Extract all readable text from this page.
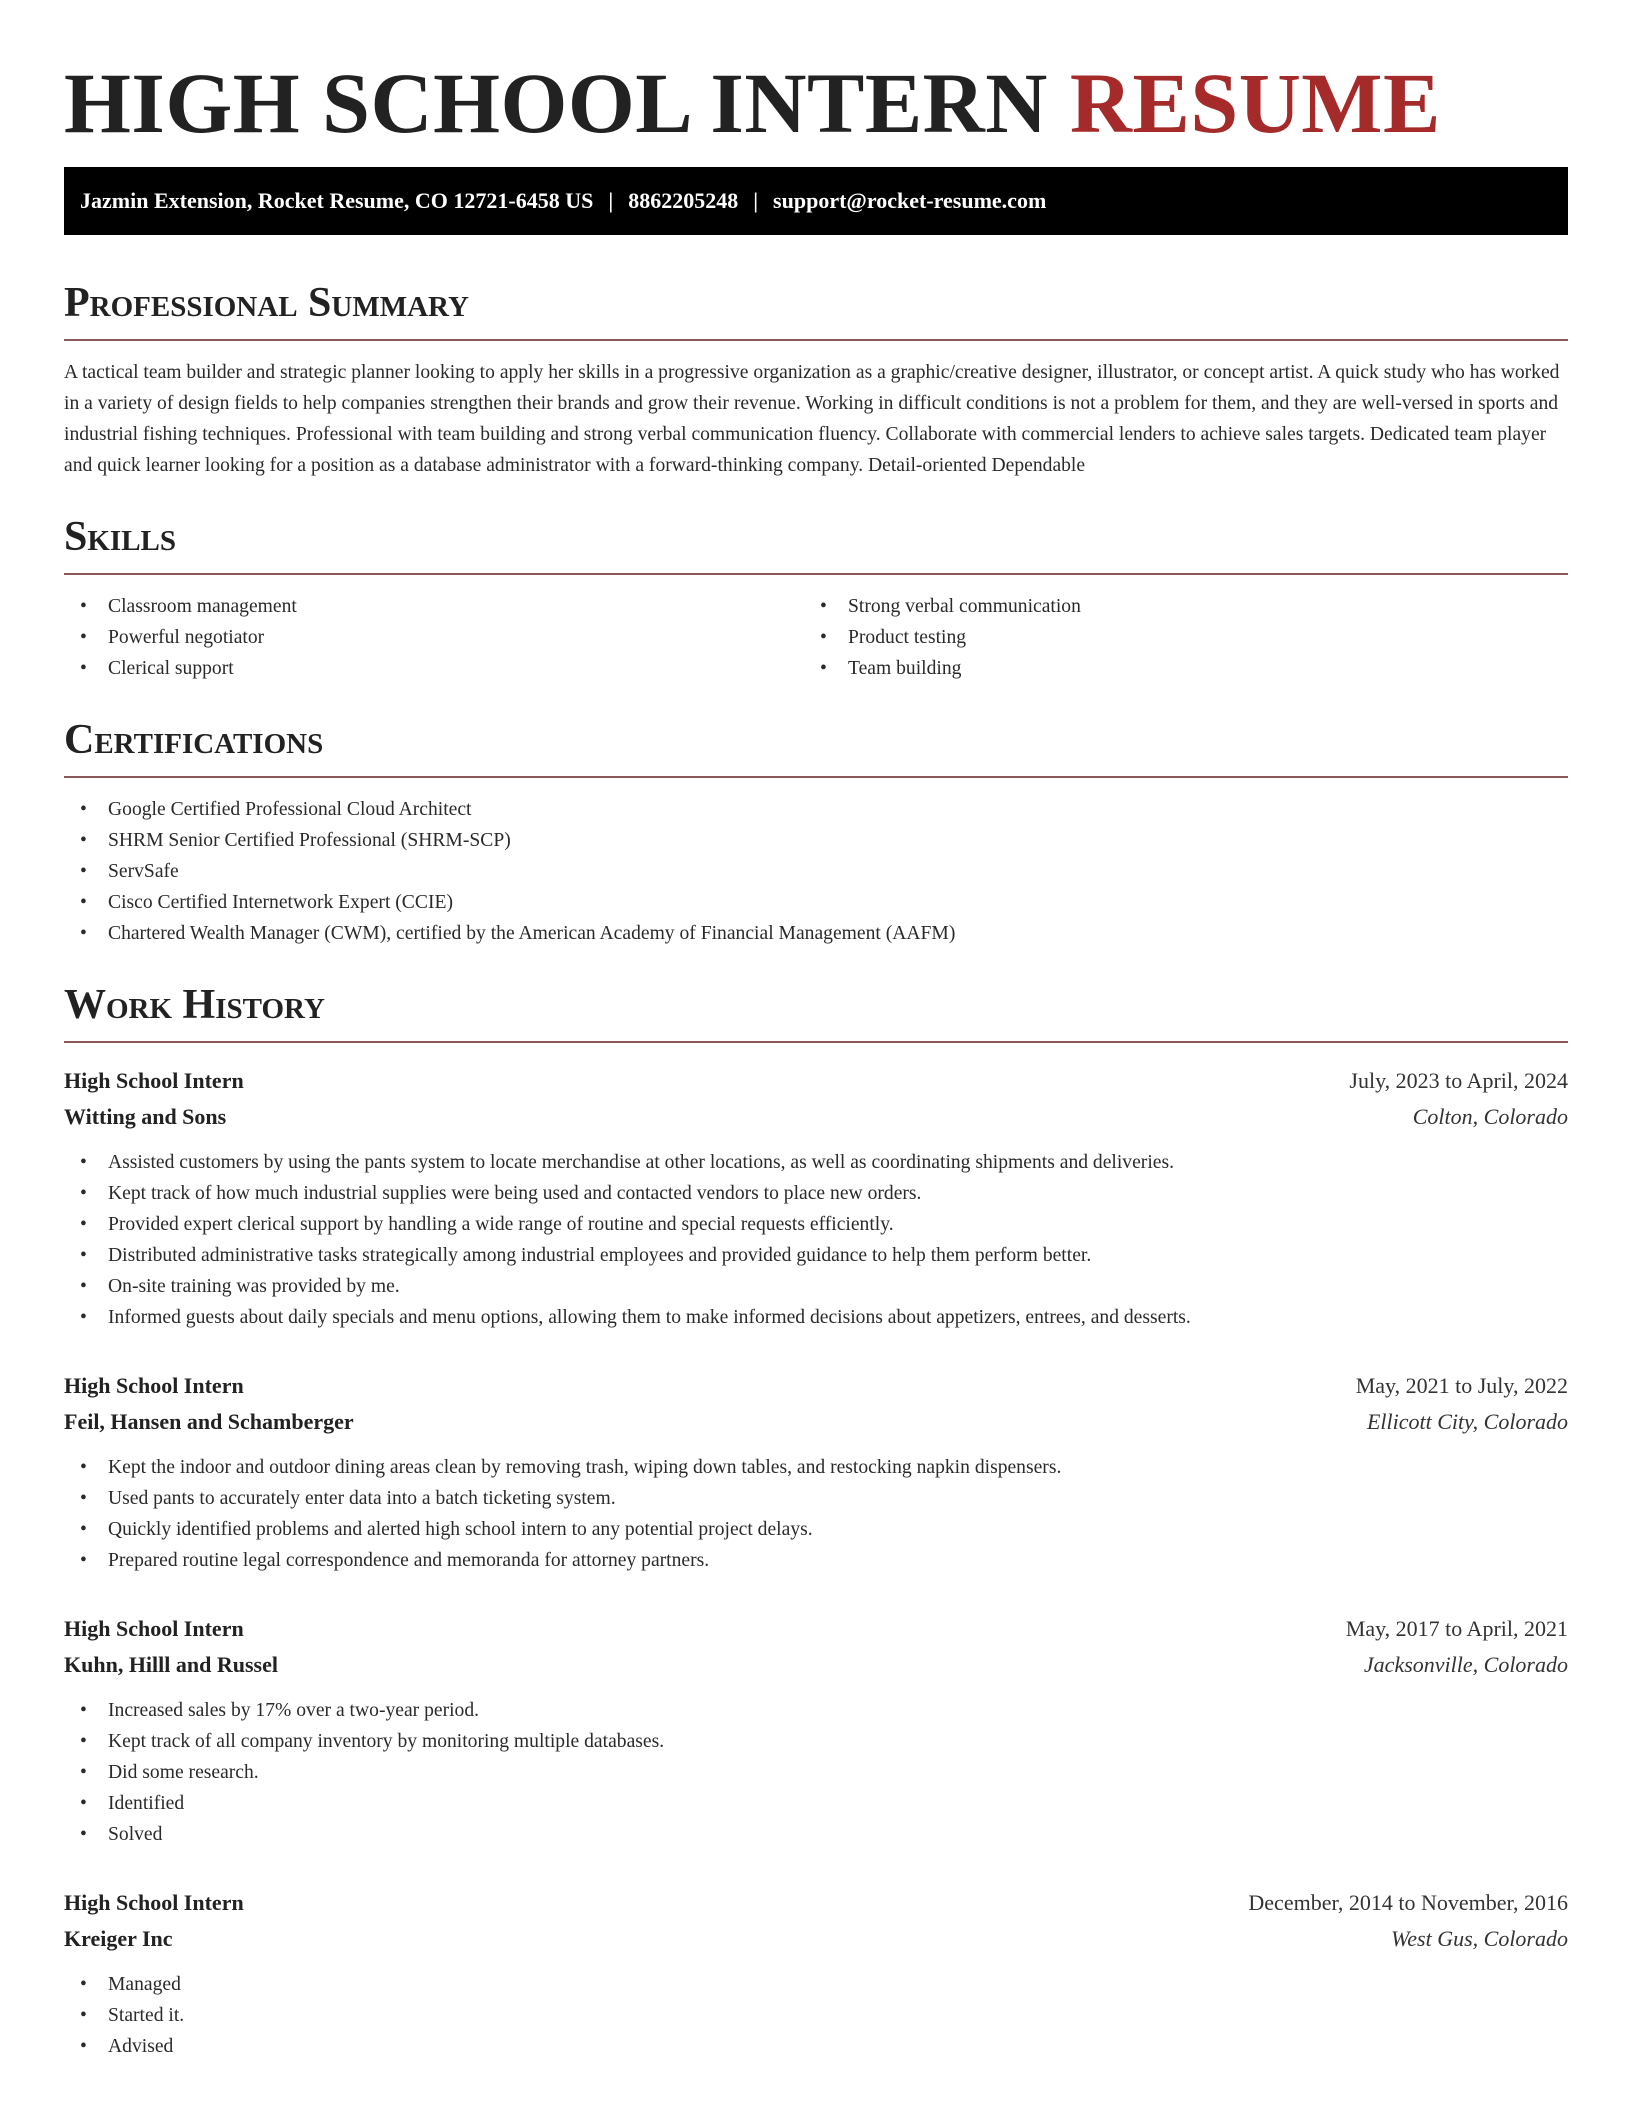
HIGH SCHOOL INTERN RESUME
Jazmin Extension, Rocket Resume, CO 12721-6458 US | 8862205248 | support@rocket-resume.com
Professional Summary

A tactical team builder and strategic planner looking to apply her skills in a progressive organization as a graphic/creative designer, illustrator, or concept artist. A quick study who has worked in a variety of design fields to help companies strengthen their brands and grow their revenue. Working in difficult conditions is not a problem for them, and they are well-versed in sports and industrial fishing techniques. Professional with team building and strong verbal communication fluency. Collaborate with commercial lenders to achieve sales targets. Dedicated team player and quick learner looking for a position as a database administrator with a forward-thinking company. Detail-oriented Dependable

Skills
• Classroom management
• Powerful negotiator
• Clerical support
• Strong verbal communication
• Product testing
• Team building
Certifications
• Google Certified Professional Cloud Architect
• SHRM Senior Certified Professional (SHRM-SCP)
• ServSafe
• Cisco Certified Internetwork Expert (CCIE)
• Chartered Wealth Manager (CWM), certified by the American Academy of Financial Management (AAFM)
Work History
High School Intern	July, 2023 to April, 2024
Witting and Sons	Colton, Colorado
• Assisted customers by using the pants system to locate merchandise at other locations, as well as coordinating shipments and deliveries.
• Kept track of how much industrial supplies were being used and contacted vendors to place new orders.
• Provided expert clerical support by handling a wide range of routine and special requests efficiently.
• Distributed administrative tasks strategically among industrial employees and provided guidance to help them perform better.
• On-site training was provided by me.
• Informed guests about daily specials and menu options, allowing them to make informed decisions about appetizers, entrees, and desserts.
High School Intern	May, 2021 to July, 2022
Feil, Hansen and Schamberger	Ellicott City, Colorado
• Kept the indoor and outdoor dining areas clean by removing trash, wiping down tables, and restocking napkin dispensers.
• Used pants to accurately enter data into a batch ticketing system.
• Quickly identified problems and alerted high school intern to any potential project delays.
• Prepared routine legal correspondence and memoranda for attorney partners.
High School Intern	May, 2017 to April, 2021
Kuhn, Hilll and Russel	Jacksonville, Colorado
• Increased sales by 17% over a two-year period.
• Kept track of all company inventory by monitoring multiple databases.
• Did some research.
• Identified
• Solved
High School Intern	December, 2014 to November, 2016
Kreiger Inc	West Gus, Colorado
• Managed
• Started it.
• Advised
